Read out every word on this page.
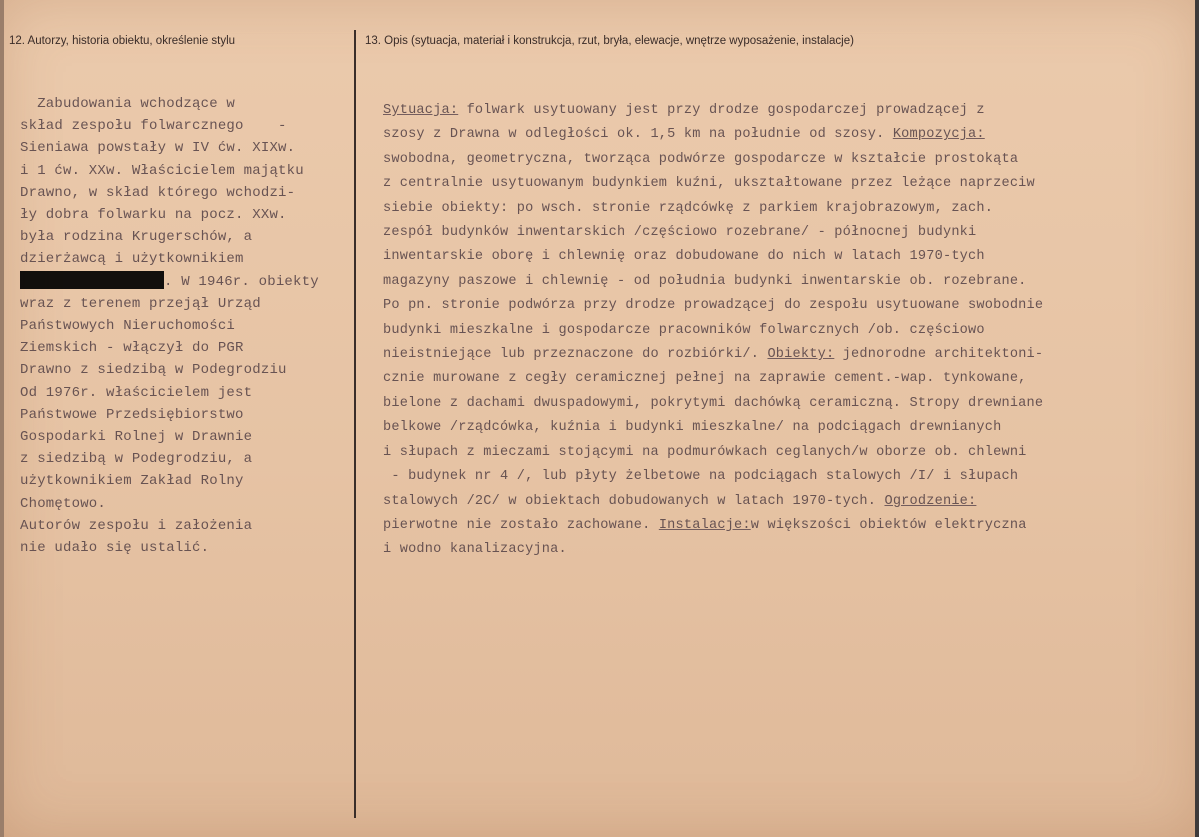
12. Autorzy, historia obiektu, określenie stylu	13. Opis (sytuacja, materiał i konstrukcja, rzut, bryła, elewacje, wnętrze wyposażenie, instalacje)
Zabudowania wchodzące w
skład zespołu folwarcznego    -
Sieniawa powstały w IV ćw. XIXw.
i 1 ćw. XXw. Właścicielem majątku
Drawno, w skład którego wchodzi-
ły dobra folwarku na pocz. XXw.
była rodzina Krugerschów, a
dzierżawcą i użytkownikiem
. W 1946r. obiekty
wraz z terenem przejął Urząd
Państwowych Nieruchomości
Ziemskich - włączył do PGR
Drawno z siedzibą w Podegrodziu
Od 1976r. właścicielem jest
Państwowe Przedsiębiorstwo
Gospodarki Rolnej w Drawnie
z siedzibą w Podegrodziu, a
użytkownikiem Zakład Rolny
Chomętowo.
Autorów zespołu i założenia
nie udało się ustalić.
Sytuacja: folwark usytuowany jest przy drodze gospodarczej prowadzącej z
szosy z Drawna w odległości ok. 1,5 km na południe od szosy. Kompozycja:
swobodna, geometryczna, tworząca podwórze gospodarcze w kształcie prostokąta
z centralnie usytuowanym budynkiem kuźni, ukształtowane przez leżące naprzeciw
siebie obiekty: po wsch. stronie rządcówkę z parkiem krajobrazowym, zach.
zespół budynków inwentarskich /częściowo rozebrane/ - północnej budynki
inwentarskie oborę i chlewnię oraz dobudowane do nich w latach 1970-tych
magazyny paszowe i chlewnię - od południa budynki inwentarskie ob. rozebrane.
Po pn. stronie podwórza przy drodze prowadzącej do zespołu usytuowane swobodnie
budynki mieszkalne i gospodarcze pracowników folwarcznych /ob. częściowo
nieistniejące lub przeznaczone do rozbiórki/. Obiekty: jednorodne architektoni-
cznie murowane z cegły ceramicznej pełnej na zaprawie cement.-wap. tynkowane,
bielone z dachami dwuspadowymi, pokrytymi dachówką ceramiczną. Stropy drewniane
belkowe /rządcówka, kuźnia i budynki mieszkalne/ na podciągach drewnianych
i słupach z mieczami stojącymi na podmurówkach ceglanych/w oborze ob. chlewni
- budynek nr 4 /, lub płyty żelbetowe na podciągach stalowych /I/ i słupach
stalowych /2C/ w obiektach dobudowanych w latach 1970-tych. Ogrodzenie:
pierwotne nie zostało zachowane. Instalacje:w większości obiektów elektryczna
i wodno kanalizacyjna.
